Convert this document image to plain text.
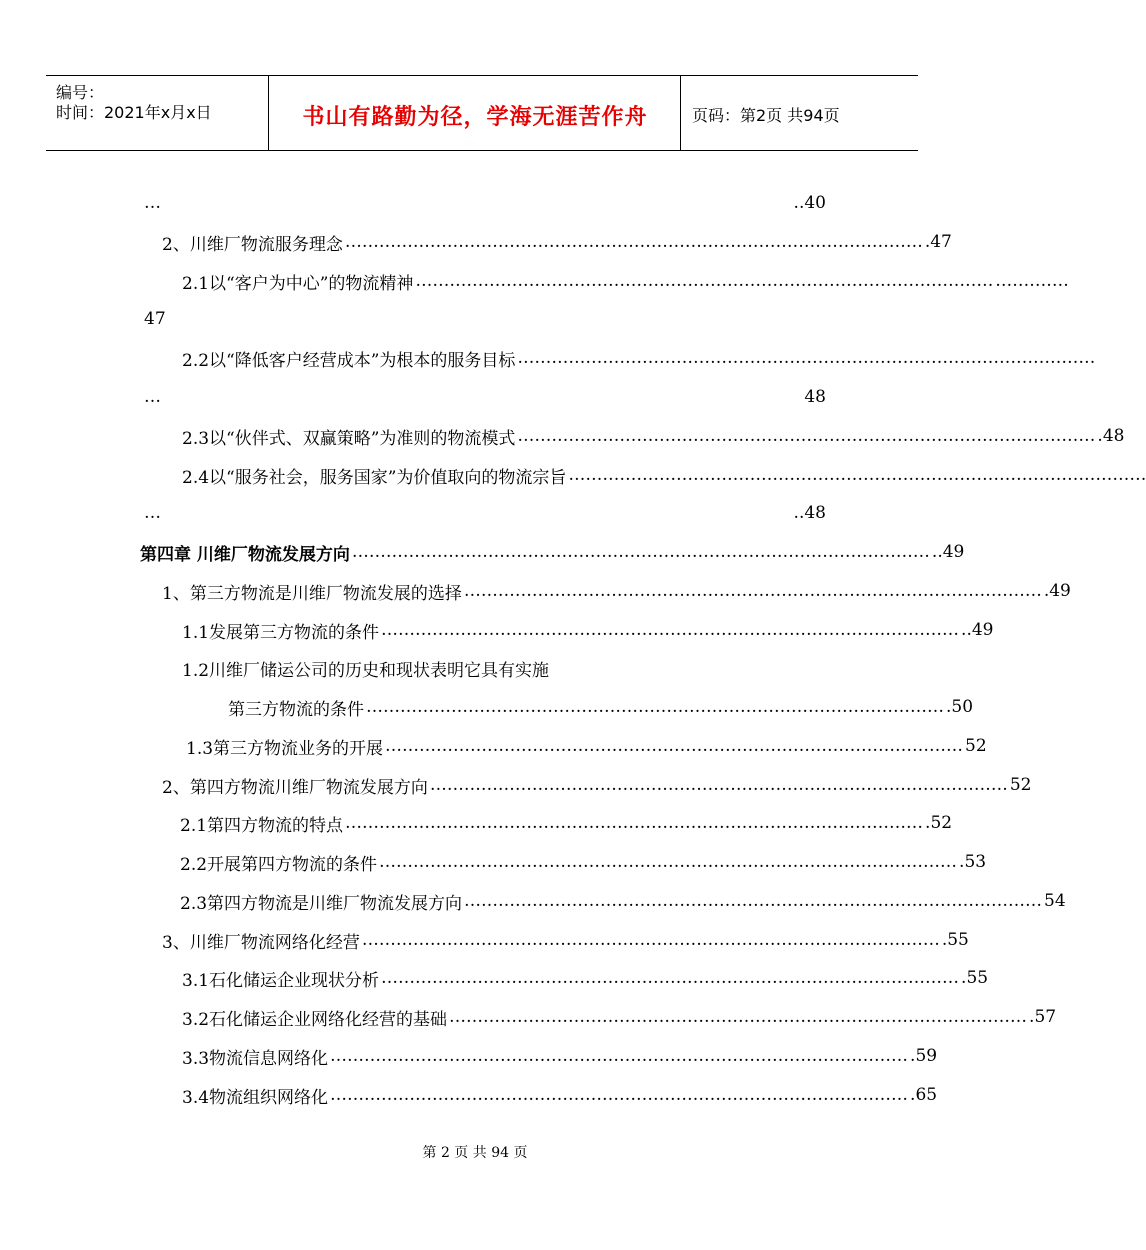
编号：
时间：2021年x月x日	书山有路勤为径，学海无涯苦作舟	页码：第2页 共94页
…	..40
2、川维厂物流服务理念 ………………………………………………………………………………………… .47
2.1以“客户为中心”的物流精神 ………………………………………………………………………………………… .…………
47
2.2以“降低客户经营成本”为根本的服务目标 …………………………………………………………………………………………
…	48
2.3以“伙伴式、双赢策略”为准则的物流模式 ………………………………………………………………………………………… .48
2.4以“服务社会，服务国家”为价值取向的物流宗旨 …………………………………………………………………………………………
…	..48
第四章 川维厂物流发展方向 ………………………………………………………………………………………… ..49
1、第三方物流是川维厂物流发展的选择 ………………………………………………………………………………………… .49
1.1发展第三方物流的条件 ………………………………………………………………………………………… ..49
1.2川维厂储运公司的历史和现状表明它具有实施
第三方物流的条件 ………………………………………………………………………………………… .50
1.3第三方物流业务的开展 ………………………………………………………………………………………… 52
2、第四方物流川维厂物流发展方向 ………………………………………………………………………………………… 52
2.1第四方物流的特点 ………………………………………………………………………………………… .52
2.2开展第四方物流的条件 ………………………………………………………………………………………… .53
2.3第四方物流是川维厂物流发展方向 ………………………………………………………………………………………… 54
3、川维厂物流网络化经营 ………………………………………………………………………………………… .55
3.1石化储运企业现状分析 ………………………………………………………………………………………… .55
3.2石化储运企业网络化经营的基础 ………………………………………………………………………………………… .57
3.3物流信息网络化 ………………………………………………………………………………………… .59
3.4物流组织网络化 ………………………………………………………………………………………… .65
第 2 页 共 94 页
